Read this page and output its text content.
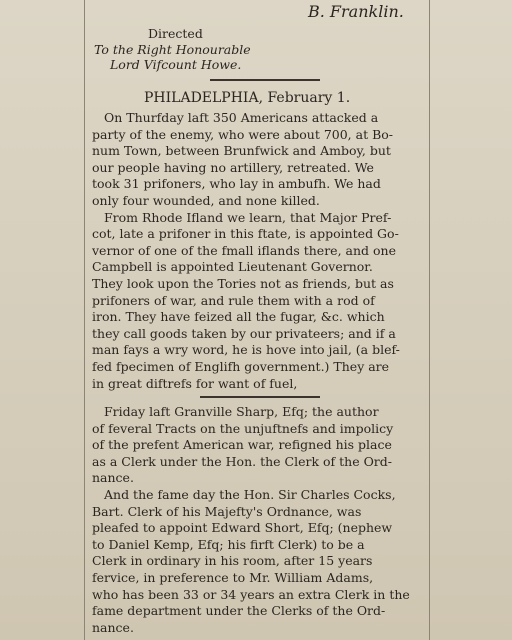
B. Franklin.
Directed
To the Right Honourable
Lord Vifcount Howe.
PHILADELPHIA, February 1.
On Thurfday laft 350 Americans attacked a
party of the enemy, who were about 700, at Bo-
num Town, between Brunfwick and Amboy, but
our people having no artillery, retreated. We
took 31 prifoners, who lay in ambufh. We had
only four wounded, and none killed.
From Rhode Ifland we learn, that Major Pref-
cot, late a prifoner in this ftate, is appointed Go-
vernor of one of the fmall iflands there, and one
Campbell is appointed Lieutenant Governor.
They look upon the Tories not as friends, but as
prifoners of war, and rule them with a rod of
iron. They have feized all the fugar, &c. which
they call goods taken by our privateers; and if a
man fays a wry word, he is hove into jail, (a blef-
fed fpecimen of Englifh government.) They are
in great diftrefs for want of fuel,
Friday laft Granville Sharp, Efq; the author
of feveral Tracts on the unjuftnefs and impolicy
of the prefent American war, refigned his place
as a Clerk under the Hon. the Clerk of the Ord-
nance.
And the fame day the Hon. Sir Charles Cocks,
Bart. Clerk of his Majefty's Ordnance, was
pleafed to appoint Edward Short, Efq; (nephew
to Daniel Kemp, Efq; his firft Clerk) to be a
Clerk in ordinary in his room, after 15 years
fervice, in preference to Mr. William Adams,
who has been 33 or 34 years an extra Clerk in the
fame department under the Clerks of the Ord-
nance.
